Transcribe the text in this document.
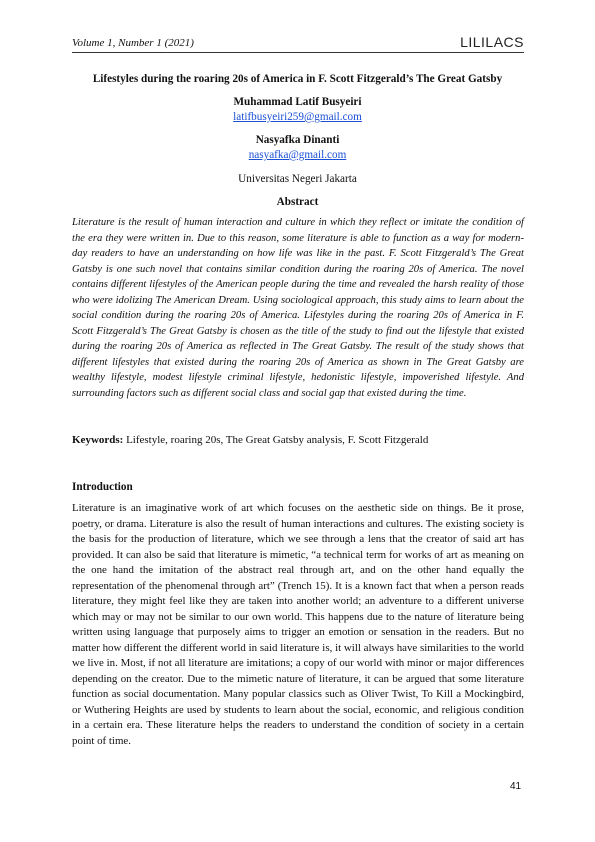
Volume 1, Number 1 (2021)	LILILACS
Lifestyles during the roaring 20s of America in F. Scott Fitzgerald’s The Great Gatsby
Muhammad Latif Busyeiri
latifbusyeiri259@gmail.com
Nasyafka Dinanti
nasyafka@gmail.com
Universitas Negeri Jakarta
Abstract

Literature is the result of human interaction and culture in which they reflect or imitate the condition of the era they were written in. Due to this reason, some literature is able to function as a way for modern-day readers to have an understanding on how life was like in the past. F. Scott Fitzgerald’s The Great Gatsby is one such novel that contains similar condition during the roaring 20s of America. The novel contains different lifestyles of the American people during the time and revealed the harsh reality of those who were idolizing The American Dream. Using sociological approach, this study aims to learn about the social condition during the roaring 20s of America. Lifestyles during the roaring 20s of America in F. Scott Fitzgerald’s The Great Gatsby is chosen as the title of the study to find out the lifestyle that existed during the roaring 20s of America as reflected in The Great Gatsby. The result of the study shows that different lifestyles that existed during the roaring 20s of America as shown in The Great Gatsby are wealthy lifestyle, modest lifestyle criminal lifestyle, hedonistic lifestyle, impoverished lifestyle. And surrounding factors such as different social class and social gap that existed during the time.

Keywords: Lifestyle, roaring 20s, The Great Gatsby analysis, F. Scott Fitzgerald
Introduction

Literature is an imaginative work of art which focuses on the aesthetic side on things. Be it prose, poetry, or drama. Literature is also the result of human interactions and cultures. The existing society is the basis for the production of literature, which we see through a lens that the creator of said art has provided. It can also be said that literature is mimetic, “a technical term for works of art as meaning on the one hand the imitation of the abstract real through art, and on the other hand equally the representation of the phenomenal through art” (Trench 15). It is a known fact that when a person reads literature, they might feel like they are taken into another world; an adventure to a different universe which may or may not be similar to our own world. This happens due to the nature of literature being written using language that purposely aims to trigger an emotion or sensation in the readers. But no matter how different the different world in said literature is, it will always have similarities to the world we live in. Most, if not all literature are imitations; a copy of our world with minor or major differences depending on the creator. Due to the mimetic nature of literature, it can be argued that some literature function as social documentation. Many popular classics such as Oliver Twist, To Kill a Mockingbird, or Wuthering Heights are used by students to learn about the social, economic, and religious condition in a certain era. These literature helps the readers to understand the condition of society in a certain point of time.

41
